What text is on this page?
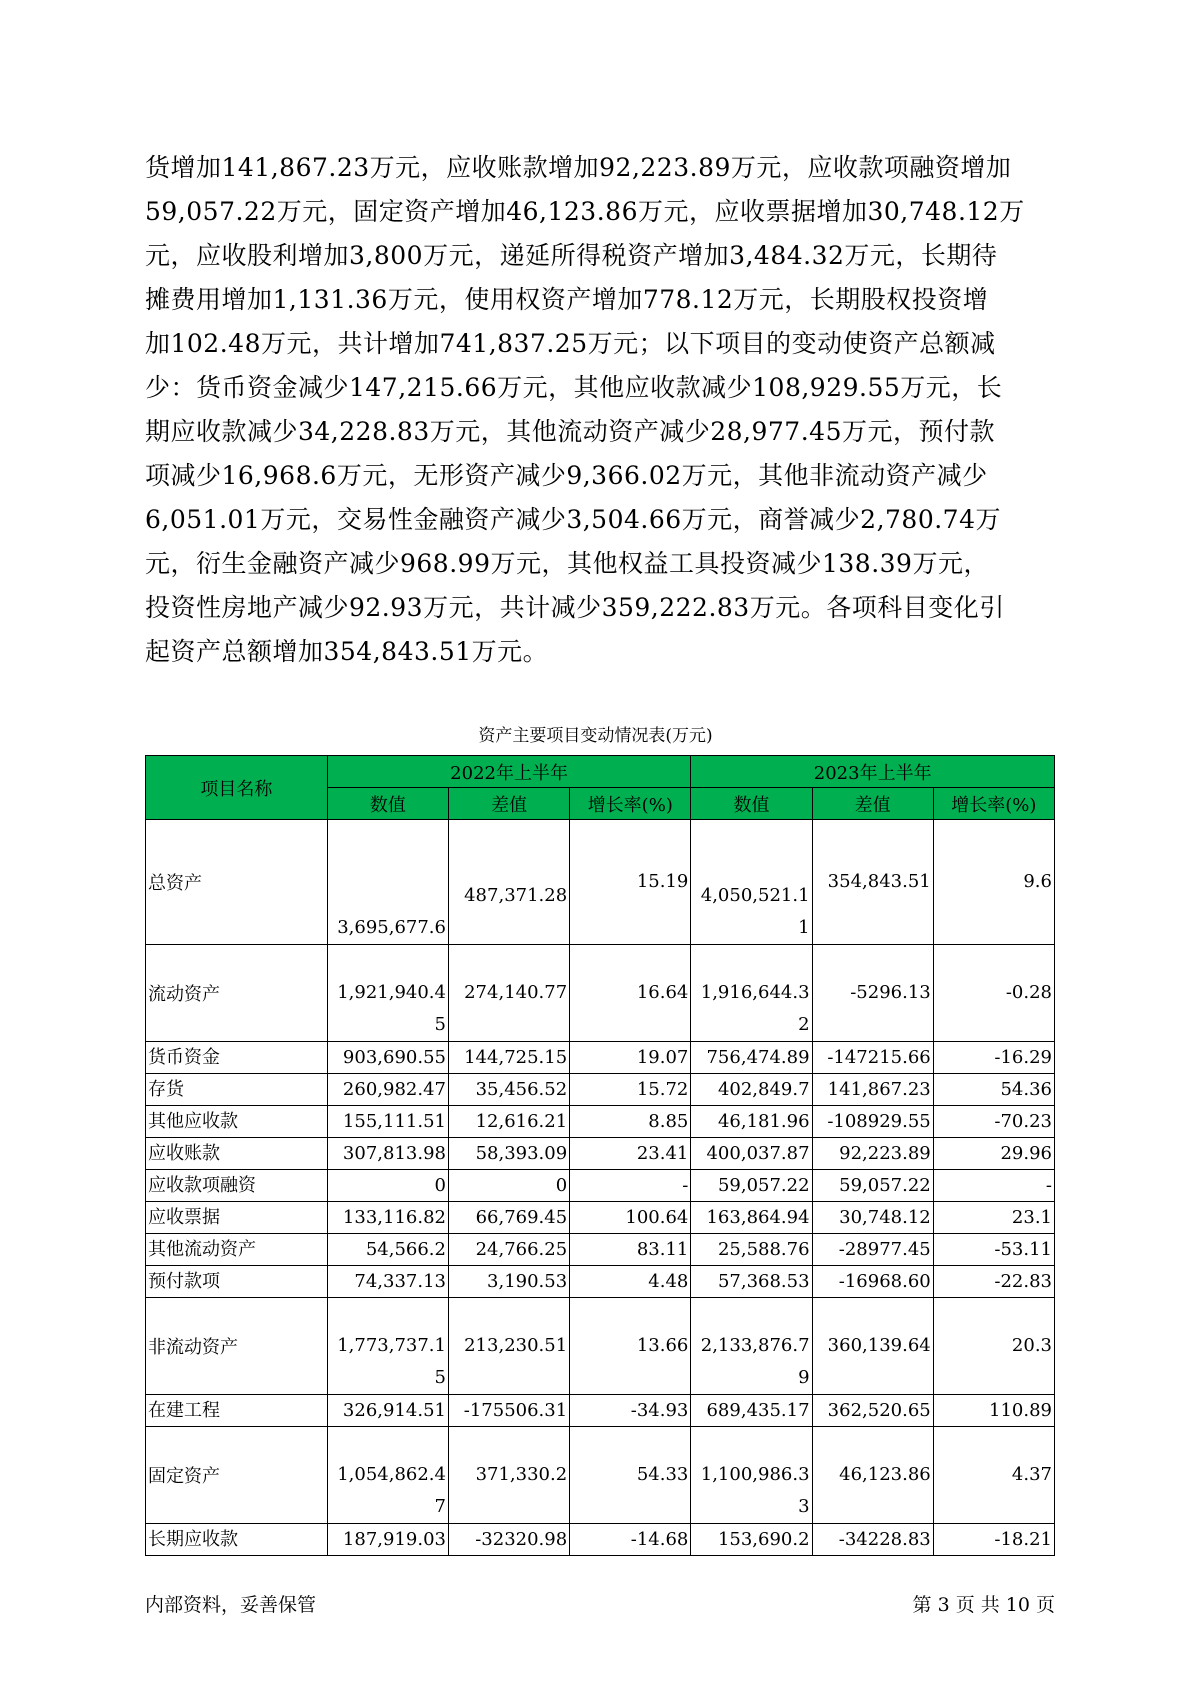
货增加141,867.23万元，应收账款增加92,223.89万元，应收款项融资增加
59,057.22万元，固定资产增加46,123.86万元，应收票据增加30,748.12万
元，应收股利增加3,800万元，递延所得税资产增加3,484.32万元，长期待
摊费用增加1,131.36万元，使用权资产增加778.12万元，长期股权投资增
加102.48万元，共计增加741,837.25万元；以下项目的变动使资产总额减
少：货币资金减少147,215.66万元，其他应收款减少108,929.55万元，长
期应收款减少34,228.83万元，其他流动资产减少28,977.45万元，预付款
项减少16,968.6万元，无形资产减少9,366.02万元，其他非流动资产减少
6,051.01万元，交易性金融资产减少3,504.66万元，商誉减少2,780.74万
元，衍生金融资产减少968.99万元，其他权益工具投资减少138.39万元，
投资性房地产减少92.93万元，共计减少359,222.83万元。各项科目变化引
起资产总额增加354,843.51万元。
资产主要项目变动情况表(万元)
项目名称	2022年上半年			2023年上半年		
	数值	差值	增长率(%)	数值	差值	增长率(%)
总资产	3,695,677.6	487,371.28	15.19	4,050,521.11	354,843.51	9.6
流动资产	1,921,940.45	274,140.77	16.64	1,916,644.32	-5296.13	-0.28
货币资金	903,690.55	144,725.15	19.07	756,474.89	-147215.66	-16.29
存货	260,982.47	35,456.52	15.72	402,849.7	141,867.23	54.36
其他应收款	155,111.51	12,616.21	8.85	46,181.96	-108929.55	-70.23
应收账款	307,813.98	58,393.09	23.41	400,037.87	92,223.89	29.96
应收款项融资	0	0	-	59,057.22	59,057.22	-
应收票据	133,116.82	66,769.45	100.64	163,864.94	30,748.12	23.1
其他流动资产	54,566.2	24,766.25	83.11	25,588.76	-28977.45	-53.11
预付款项	74,337.13	3,190.53	4.48	57,368.53	-16968.60	-22.83
非流动资产	1,773,737.15	213,230.51	13.66	2,133,876.79	360,139.64	20.3
在建工程	326,914.51	-175506.31	-34.93	689,435.17	362,520.65	110.89
固定资产	1,054,862.47	371,330.2	54.33	1,100,986.33	46,123.86	4.37
长期应收款	187,919.03	-32320.98	-14.68	153,690.2	-34228.83	-18.21
内部资料，妥善保管	第 3 页 共 10 页
